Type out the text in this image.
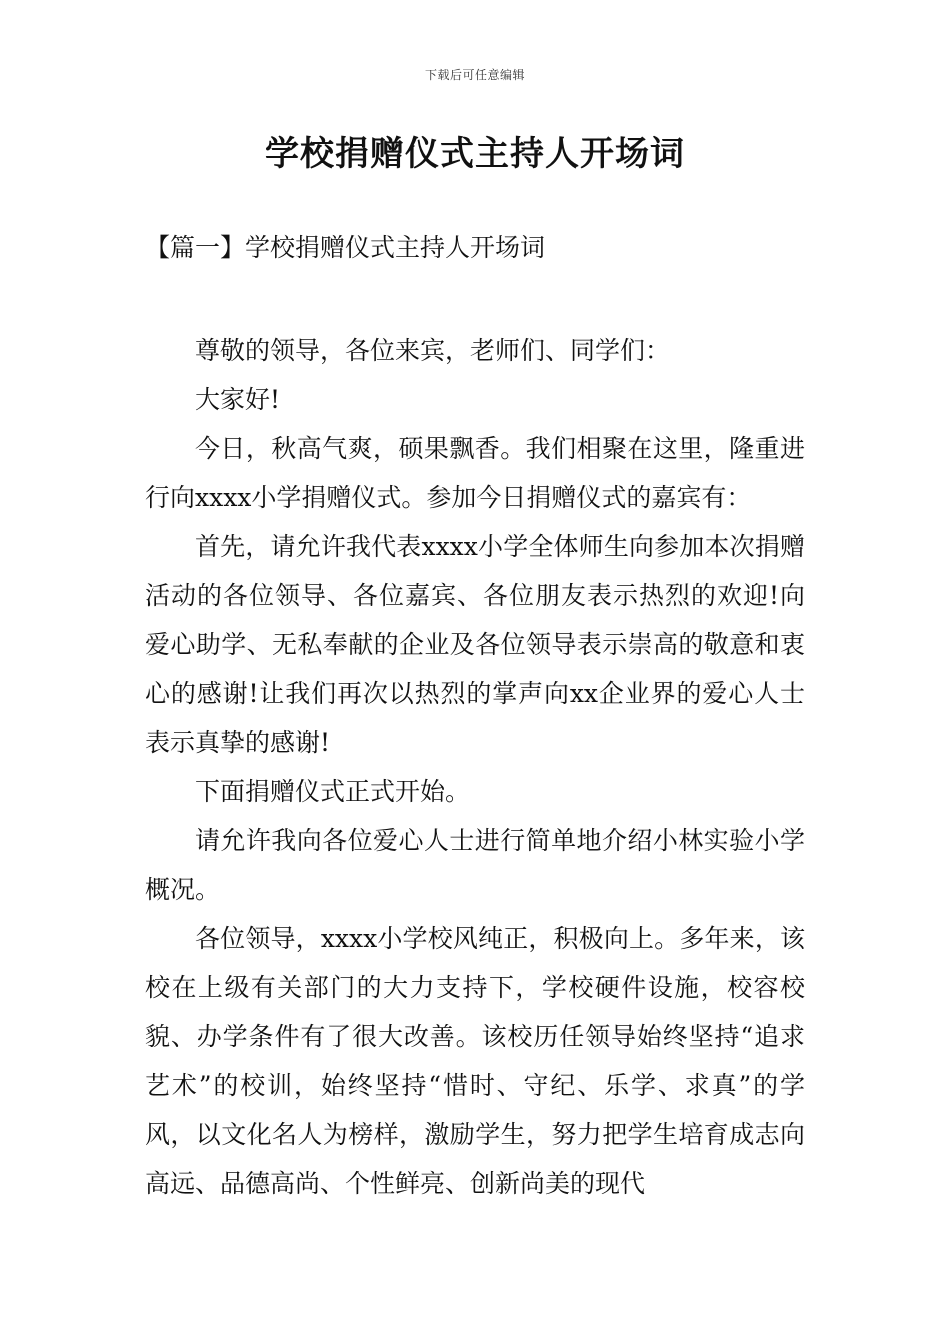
下载后可任意编辑
学校捐赠仪式主持人开场词
【篇一】学校捐赠仪式主持人开场词

尊敬的领导，各位来宾，老师们、同学们：

大家好!

今日，秋高气爽，硕果飘香。我们相聚在这里，隆重进行向xxxx小学捐赠仪式。参加今日捐赠仪式的嘉宾有：

首先，请允许我代表xxxx小学全体师生向参加本次捐赠活动的各位领导、各位嘉宾、各位朋友表示热烈的欢迎!向爱心助学、无私奉献的企业及各位领导表示崇高的敬意和衷心的感谢!让我们再次以热烈的掌声向xx企业界的爱心人士表示真挚的感谢!

下面捐赠仪式正式开始。

请允许我向各位爱心人士进行简单地介绍小林实验小学概况。

各位领导，xxxx小学校风纯正，积极向上。多年来，该校在上级有关部门的大力支持下，学校硬件设施，校容校貌、办学条件有了很大改善。该校历任领导始终坚持“追求艺术”的校训，始终坚持“惜时、守纪、乐学、求真”的学风，以文化名人为榜样，激励学生，努力把学生培育成志向高远、品德高尚、个性鲜亮、创新尚美的现代
